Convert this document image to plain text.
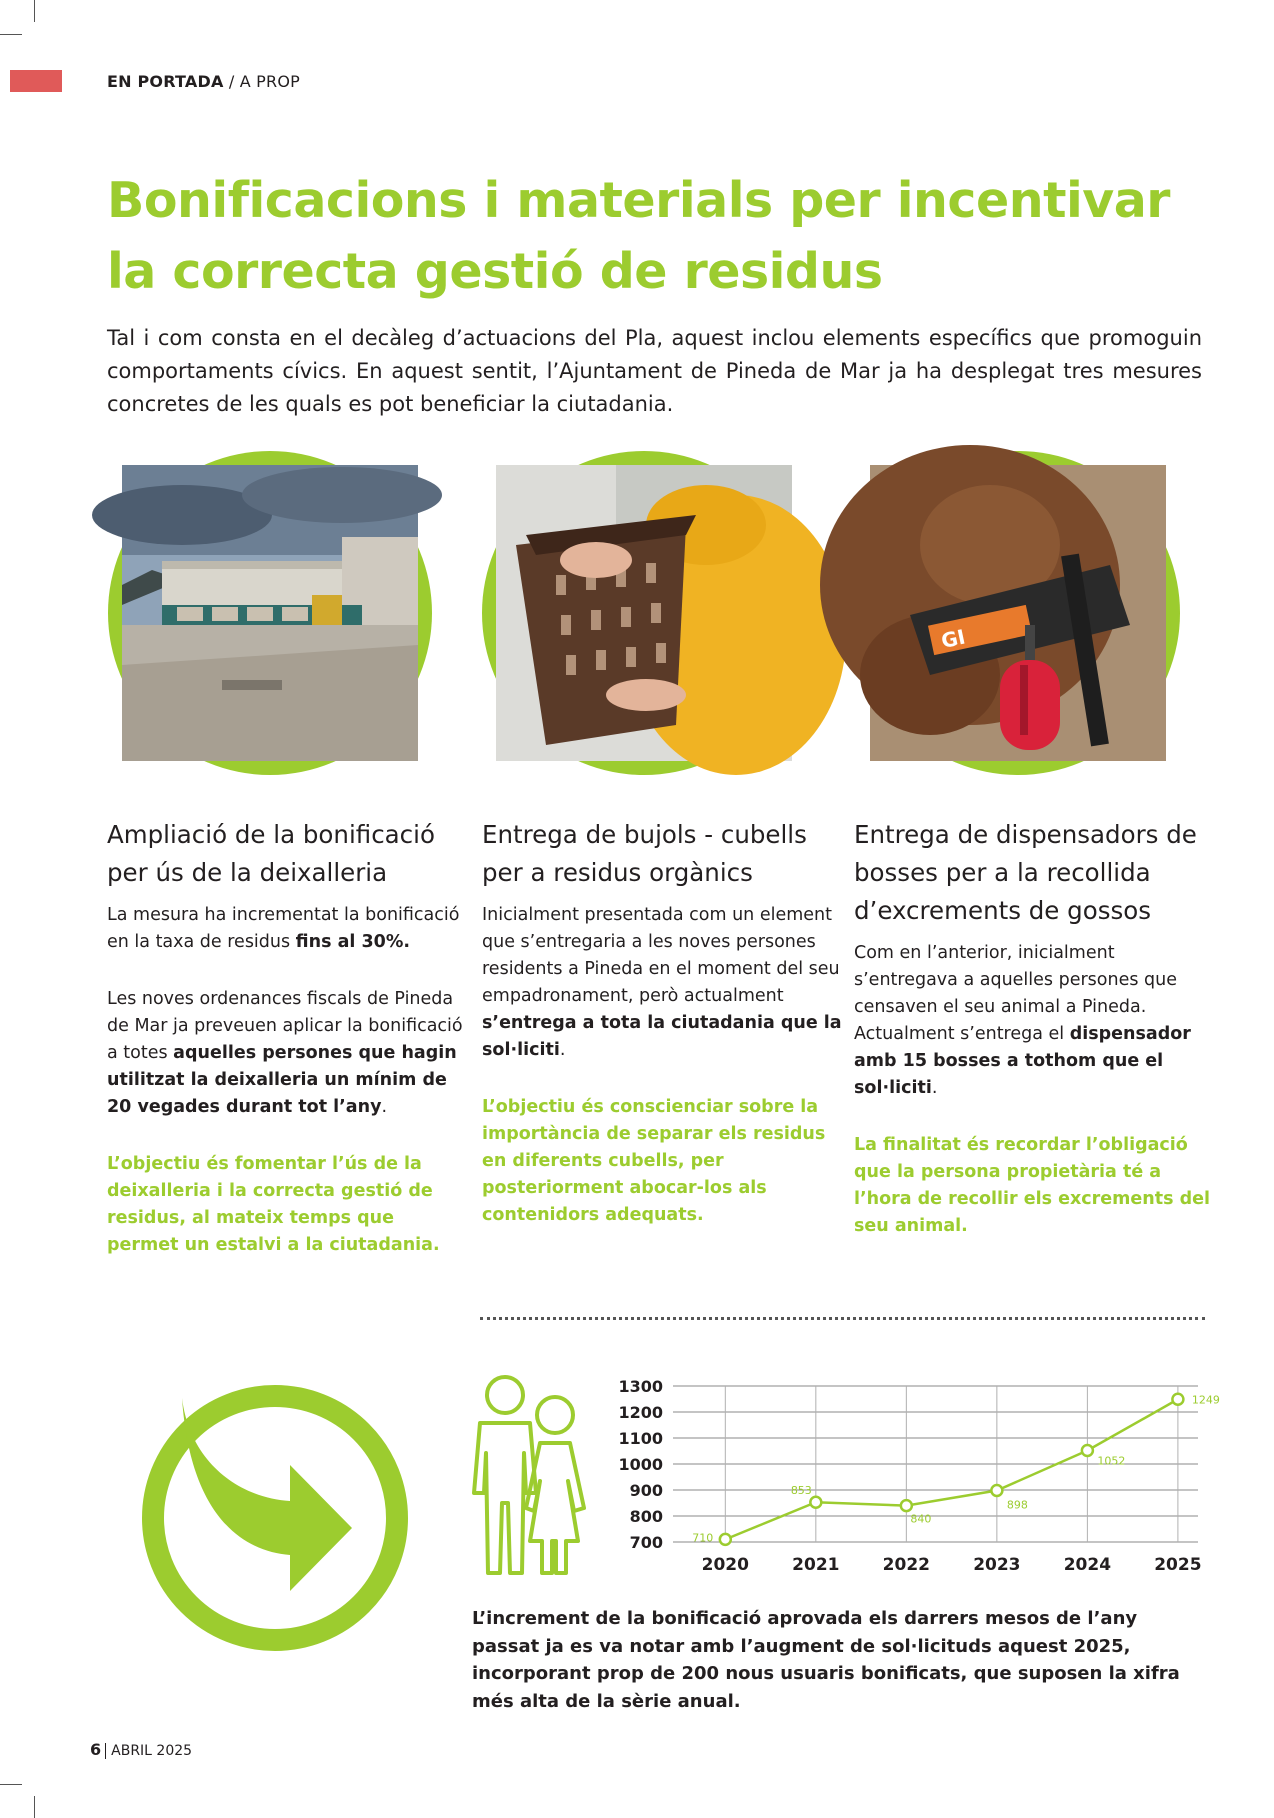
EN PORTADA / A PROP
Bonificacions i materials per incentivar la correcta gestió de residus
Tal i com consta en el decàleg d’actuacions del Pla, aquest inclou elements específics que promoguin comportaments cívics. En aquest sentit, l’Ajuntament de Pineda de Mar ja ha desplegat tres mesures concretes de les quals es pot beneficiar la ciutadania.
GI
Ampliació de la bonificació per ús de la deixalleria

La mesura ha incrementat la bonificació en la taxa de residus fins al 30%.

Les noves ordenances fiscals de Pineda de Mar ja preveuen aplicar la bonificació a totes aquelles persones que hagin utilitzat la deixalleria un mínim de 20 vegades durant tot l’any.

L’objectiu és fomentar l’ús de la deixalleria i la correcta gestió de residus, al mateix temps que permet un estalvi a la ciutadania.

Entrega de bujols - cubells per a residus orgànics

Inicialment presentada com un element que s’entregaria a les noves persones residents a Pineda en el moment del seu empadronament, però actualment s’entrega a tota la ciutadania que la sol·liciti.

L’objectiu és conscienciar sobre la importància de separar els residus en diferents cubells, per posteriorment abocar-los als contenidors adequats.

Entrega de dispensadors de bosses per a la recollida d’excrements de gossos

Com en l’anterior, inicialment s’entregava a aquelles persones que censaven el seu animal a Pineda. Actualment s’entrega el dispensador amb 15 bosses a tothom que el sol·liciti.

La finalitat és recordar l’obligació que la persona propietària té a l’hora de recollir els excrements del seu animal.

1300
1200
1100
1000
900
800
700
2020	2021	2022	2023	2024	2025
710
853
840
898
1052
1249
L’increment de la bonificació aprovada els darrers mesos de l’any passat ja es va notar amb l’augment de sol·licituds aquest 2025, incorporant prop de 200 nous usuaris bonificats, que suposen la xifra més alta de la sèrie anual.
6 ABRIL 2025
